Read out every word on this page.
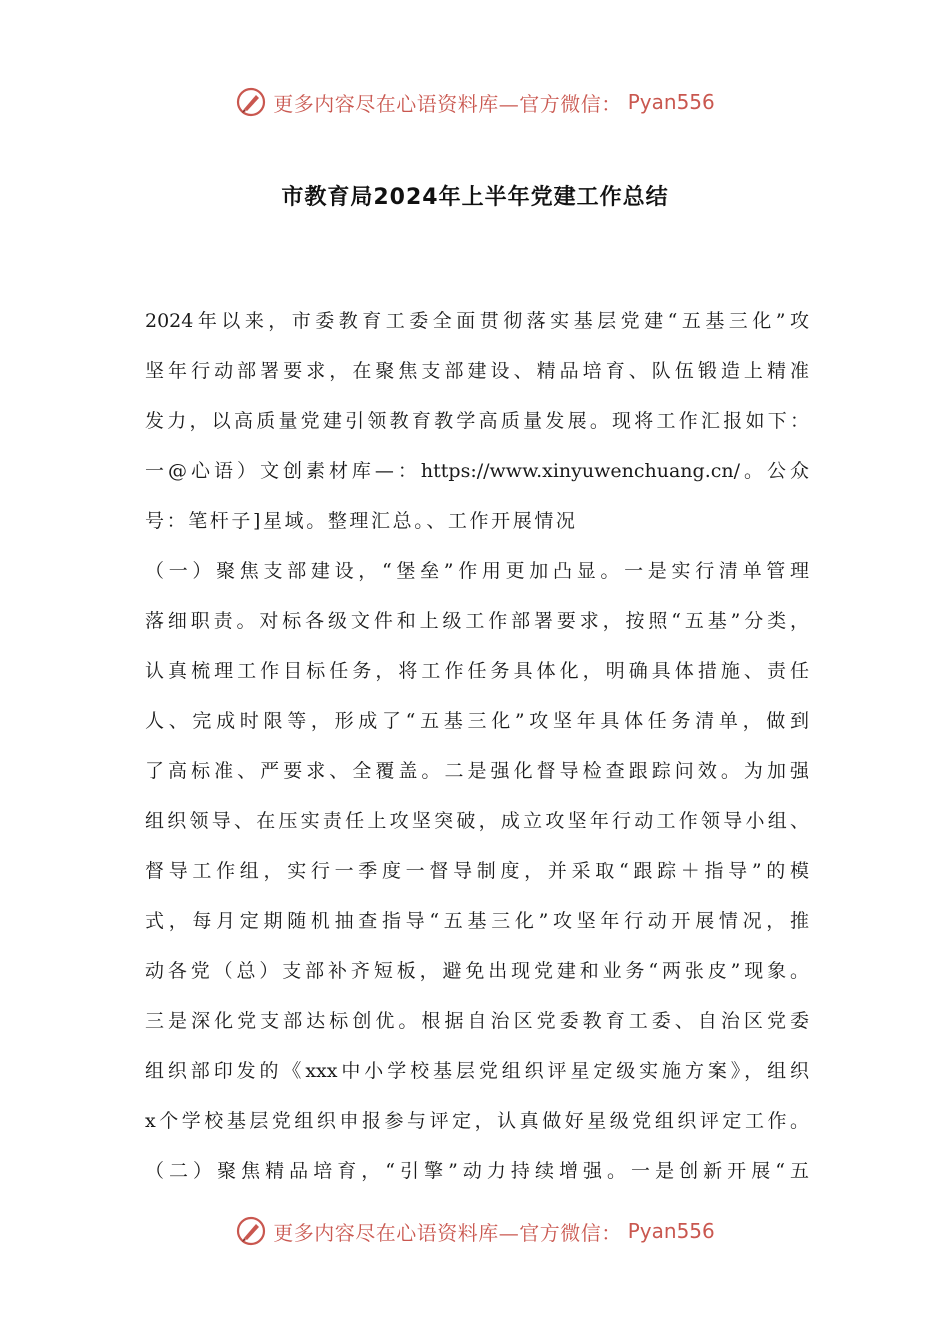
更多内容尽在心语资料库—官方微信： Pyan556
市教育局2024年上半年党建工作总结
2024年以来，市委教育工委全面贯彻落实基层党建“五基三化”攻
坚年行动部署要求，在聚焦支部建设、精品培育、队伍锻造上精准
发力，以高质量党建引领教育教学高质量发展。现将工作汇报如下：
一@心语）文创素材库—：https://www.xinyuwenchuang.cn/。公众
号：笔杆子]星域。整理汇总。、工作开展情况
（一）聚焦支部建设，“堡垒”作用更加凸显。一是实行清单管理
落细职责。对标各级文件和上级工作部署要求，按照“五基”分类，
认真梳理工作目标任务，将工作任务具体化，明确具体措施、责任
人、完成时限等，形成了“五基三化”攻坚年具体任务清单，做到
了高标准、严要求、全覆盖。二是强化督导检查跟踪问效。为加强
组织领导、在压实责任上攻坚突破，成立攻坚年行动工作领导小组、
督导工作组，实行一季度一督导制度，并采取“跟踪＋指导”的模
式，每月定期随机抽查指导“五基三化”攻坚年行动开展情况，推
动各党（总）支部补齐短板，避免出现党建和业务“两张皮”现象。
三是深化党支部达标创优。根据自治区党委教育工委、自治区党委
组织部印发的《xxx中小学校基层党组织评星定级实施方案》，组织
x个学校基层党组织申报参与评定，认真做好星级党组织评定工作。
（二）聚焦精品培育，“引擎”动力持续增强。一是创新开展“五
更多内容尽在心语资料库—官方微信： Pyan556
